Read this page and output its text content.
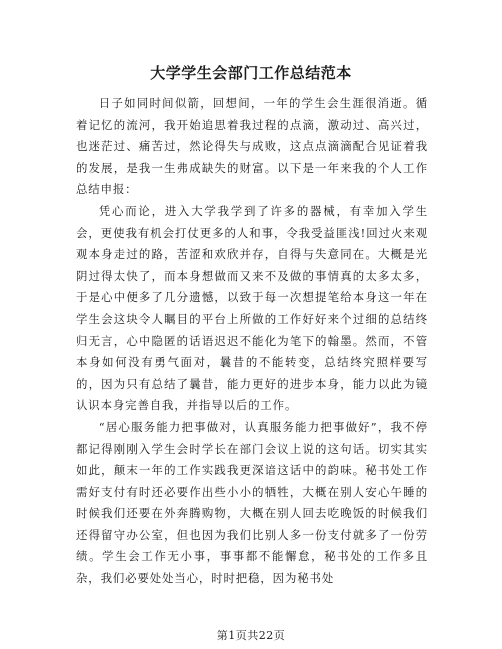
大学学生会部门工作总结范本

日子如同时间似箭，回想间，一年的学生会生涯很消逝。循着记忆的流河，我开始追思着我过程的点滴，激动过、高兴过，也迷茫过、痛苦过，然论得失与成败，这点点滴滴配合见证着我的发展，是我一生弗成缺失的财富。以下是一年来我的个人工作总结申报：

凭心而论，进入大学我学到了许多的器械，有幸加入学生会，更使我有机会打仗更多的人和事，令我受益匪浅!回过火来观观本身走过的路，苦涩和欢欣并存，自得与失意同在。大概是光阴过得太快了，而本身想做而又来不及做的事情真的太多太多，于是心中便多了几分遗憾，以致于每一次想提笔给本身这一年在学生会这块令人瞩目的平台上所做的工作好好来个过细的总结终归无言，心中隐匿的话语迟迟不能化为笔下的翰墨。然而，不管本身如何没有勇气面对，曩昔的不能转变，总结终究照样要写的，因为只有总结了曩昔，能力更好的进步本身，能力以此为镜认识本身完善自我，并指导以后的工作。

“居心服务能力把事做对，认真服务能力把事做好”，我不停都记得刚刚入学生会时学长在部门会议上说的这句话。切实其实如此，颠末一年的工作实践我更深谙这话中的韵味。秘书处工作需好支付有时还必要作出些小小的牺牲，大概在别人安心午睡的时候我们还要在外奔腾购物，大概在别人回去吃晚饭的时候我们还得留守办公室，但也因为我们比别人多一份支付就多了一份劳绩。学生会工作无小事，事事都不能懈怠，秘书处的工作多且杂，我们必要处处当心，时时把稳，因为秘书处

第1页共22页
